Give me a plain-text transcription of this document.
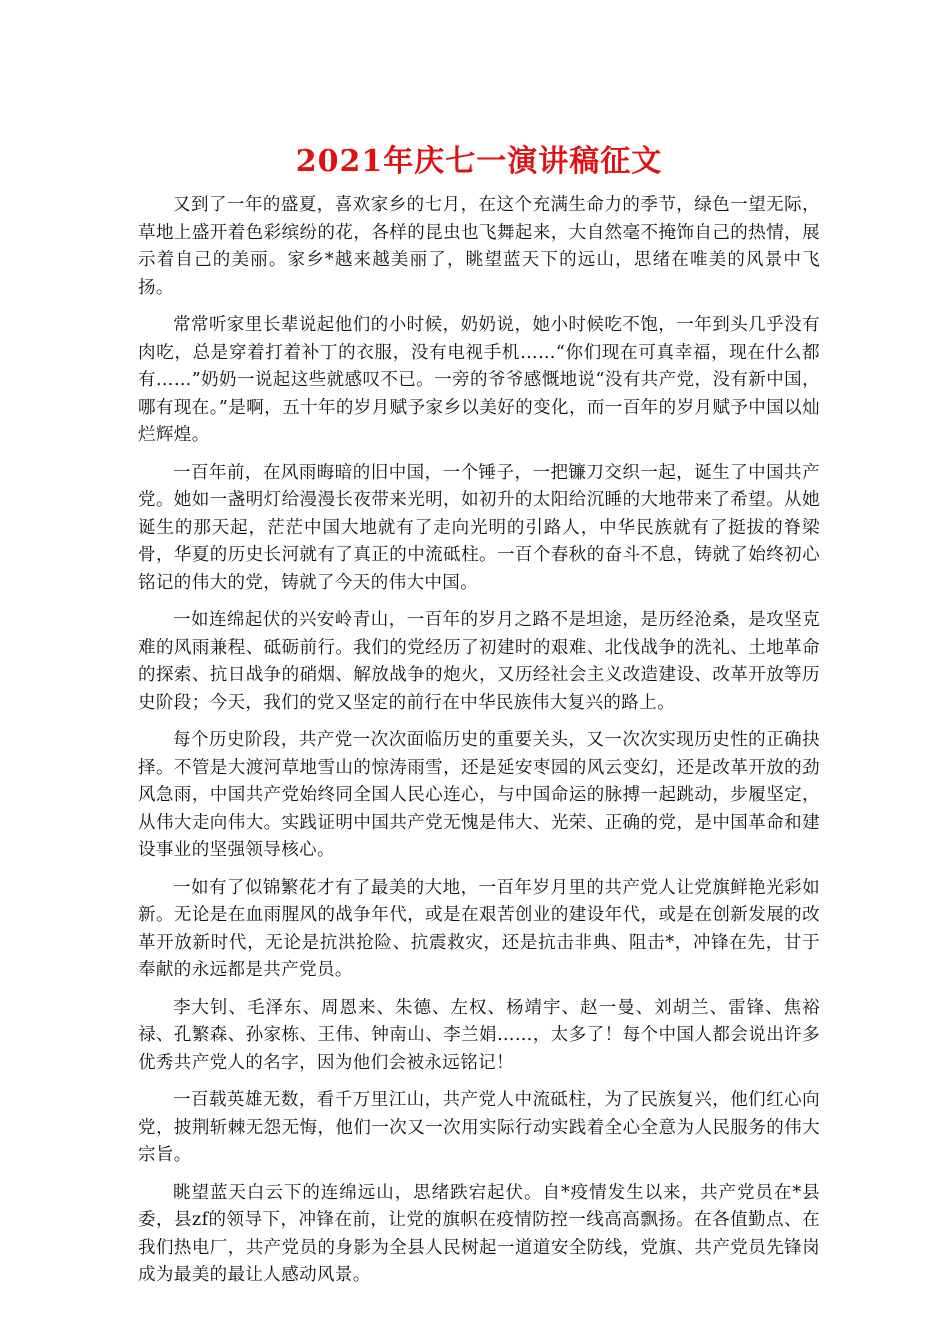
2021年庆七一演讲稿征文

又到了一年的盛夏，喜欢家乡的七月，在这个充满生命力的季节，绿色一望无际，草地上盛开着色彩缤纷的花，各样的昆虫也飞舞起来，大自然毫不掩饰自己的热情，展示着自己的美丽。家乡*越来越美丽了，眺望蓝天下的远山，思绪在唯美的风景中飞扬。

常常听家里长辈说起他们的小时候，奶奶说，她小时候吃不饱，一年到头几乎没有肉吃，总是穿着打着补丁的衣服，没有电视手机……“你们现在可真幸福，现在什么都有……”奶奶一说起这些就感叹不已。一旁的爷爷感慨地说“没有共产党，没有新中国，哪有现在。”是啊，五十年的岁月赋予家乡以美好的变化，而一百年的岁月赋予中国以灿烂辉煌。

一百年前，在风雨晦暗的旧中国，一个锤子，一把镰刀交织一起，诞生了中国共产党。她如一盏明灯给漫漫长夜带来光明，如初升的太阳给沉睡的大地带来了希望。从她诞生的那天起，茫茫中国大地就有了走向光明的引路人，中华民族就有了挺拔的脊梁骨，华夏的历史长河就有了真正的中流砥柱。一百个春秋的奋斗不息，铸就了始终初心铭记的伟大的党，铸就了今天的伟大中国。

一如连绵起伏的兴安岭青山，一百年的岁月之路不是坦途，是历经沧桑，是攻坚克难的风雨兼程、砥砺前行。我们的党经历了初建时的艰难、北伐战争的洗礼、土地革命的探索、抗日战争的硝烟、解放战争的炮火，又历经社会主义改造建设、改革开放等历史阶段；今天，我们的党又坚定的前行在中华民族伟大复兴的路上。

每个历史阶段，共产党一次次面临历史的重要关头，又一次次实现历史性的正确抉择。不管是大渡河草地雪山的惊涛雨雪，还是延安枣园的风云变幻，还是改革开放的劲风急雨，中国共产党始终同全国人民心连心，与中国命运的脉搏一起跳动，步履坚定，从伟大走向伟大。实践证明中国共产党无愧是伟大、光荣、正确的党，是中国革命和建设事业的坚强领导核心。

一如有了似锦繁花才有了最美的大地，一百年岁月里的共产党人让党旗鲜艳光彩如新。无论是在血雨腥风的战争年代，或是在艰苦创业的建设年代，或是在创新发展的改革开放新时代，无论是抗洪抢险、抗震救灾，还是抗击非典、阻击*，冲锋在先，甘于奉献的永远都是共产党员。

李大钊、毛泽东、周恩来、朱德、左权、杨靖宇、赵一曼、刘胡兰、雷锋、焦裕禄、孔繁森、孙家栋、王伟、钟南山、李兰娟……，太多了！每个中国人都会说出许多优秀共产党人的名字，因为他们会被永远铭记！

一百载英雄无数，看千万里江山，共产党人中流砥柱，为了民族复兴，他们红心向党，披荆斩棘无怨无悔，他们一次又一次用实际行动实践着全心全意为人民服务的伟大宗旨。

眺望蓝天白云下的连绵远山，思绪跌宕起伏。自*疫情发生以来，共产党员在*县委，县zf的领导下，冲锋在前，让党的旗帜在疫情防控一线高高飘扬。在各值勤点、在我们热电厂，共产党员的身影为全县人民树起一道道安全防线，党旗、共产党员先锋岗成为最美的最让人感动风景。
